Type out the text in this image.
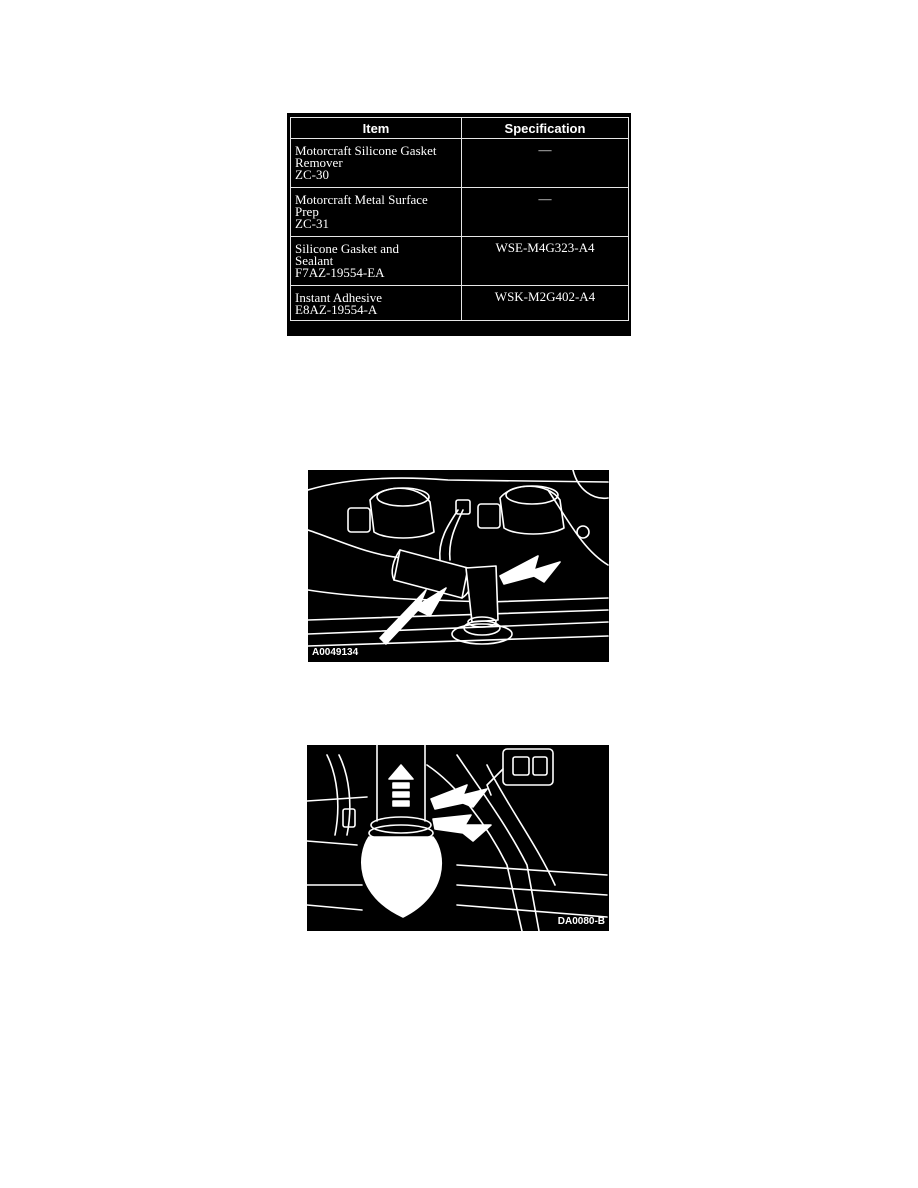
Item	Specification

Motorcraft Silicone Gasket
Remover
ZC-30	—

Motorcraft Metal Surface
Prep
ZC-31	—

Silicone Gasket and
Sealant
F7AZ-19554-EA	WSE-M4G323-A4

Instant Adhesive
E8AZ-19554-A	WSK-M2G402-A4
A0049134
DA0080-B
